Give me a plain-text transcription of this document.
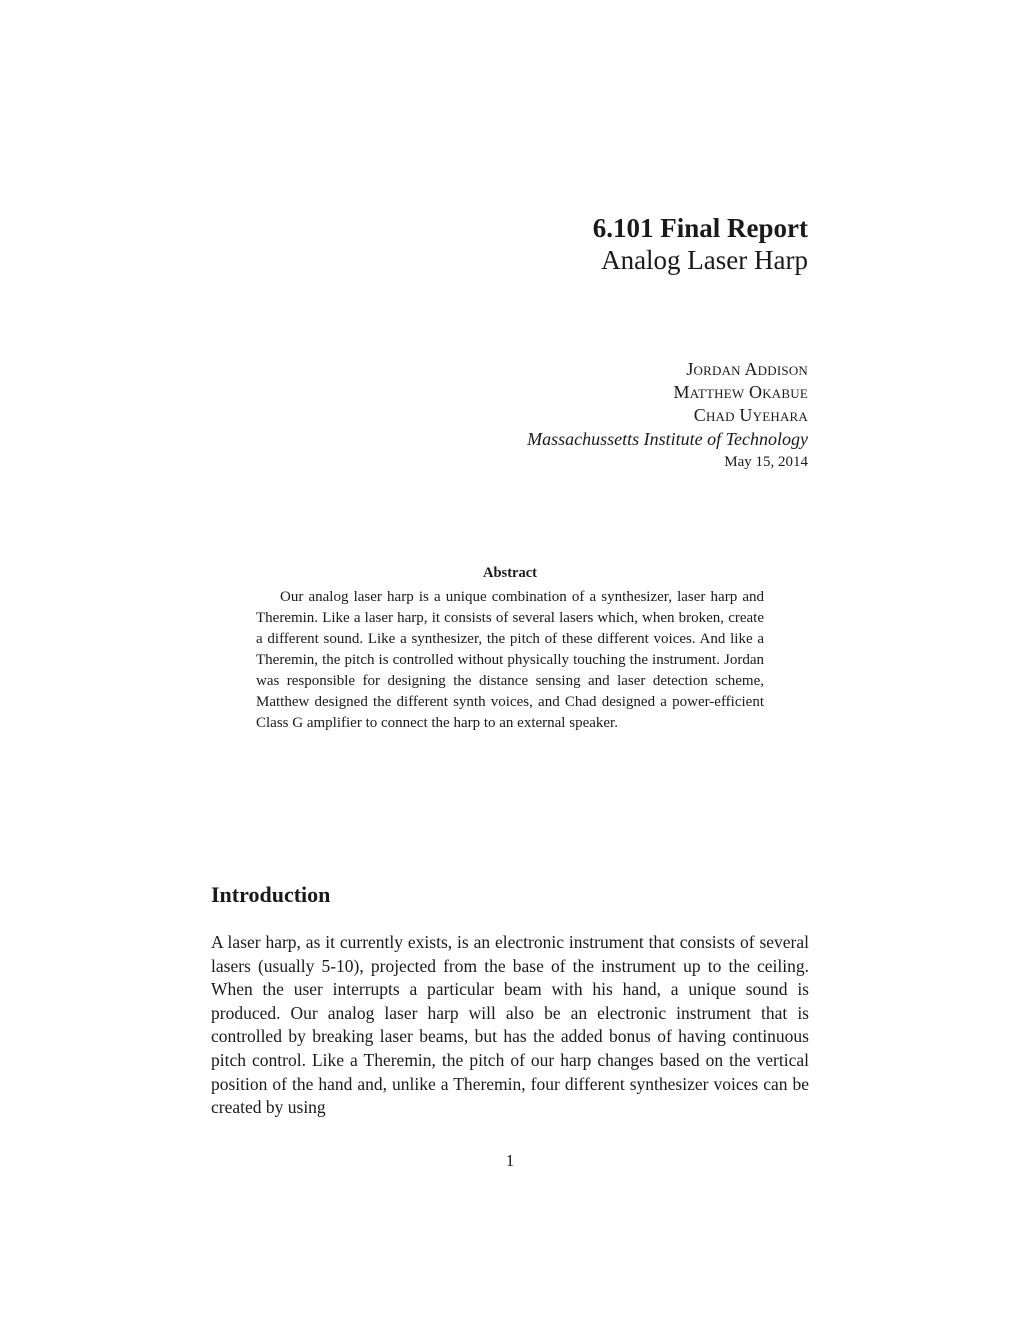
6.101 Final Report

Analog Laser Harp

Jordan Addison
Matthew Okabue
Chad Uyehara
Massachussetts Institute of Technology
May 15, 2014
Abstract

Our analog laser harp is a unique combination of a synthesizer, laser harp and Theremin. Like a laser harp, it consists of several lasers which, when broken, create a different sound. Like a synthesizer, the pitch of these different voices. And like a Theremin, the pitch is controlled without physically touching the instrument. Jordan was responsible for designing the distance sensing and laser detection scheme, Matthew designed the different synth voices, and Chad designed a power-efficient Class G amplifier to connect the harp to an external speaker.

Introduction

A laser harp, as it currently exists, is an electronic instrument that consists of several lasers (usually 5-10), projected from the base of the instrument up to the ceiling. When the user interrupts a particular beam with his hand, a unique sound is produced. Our analog laser harp will also be an electronic instrument that is controlled by breaking laser beams, but has the added bonus of having continuous pitch control. Like a Theremin, the pitch of our harp changes based on the vertical position of the hand and, unlike a Theremin, four different synthesizer voices can be created by using

1
